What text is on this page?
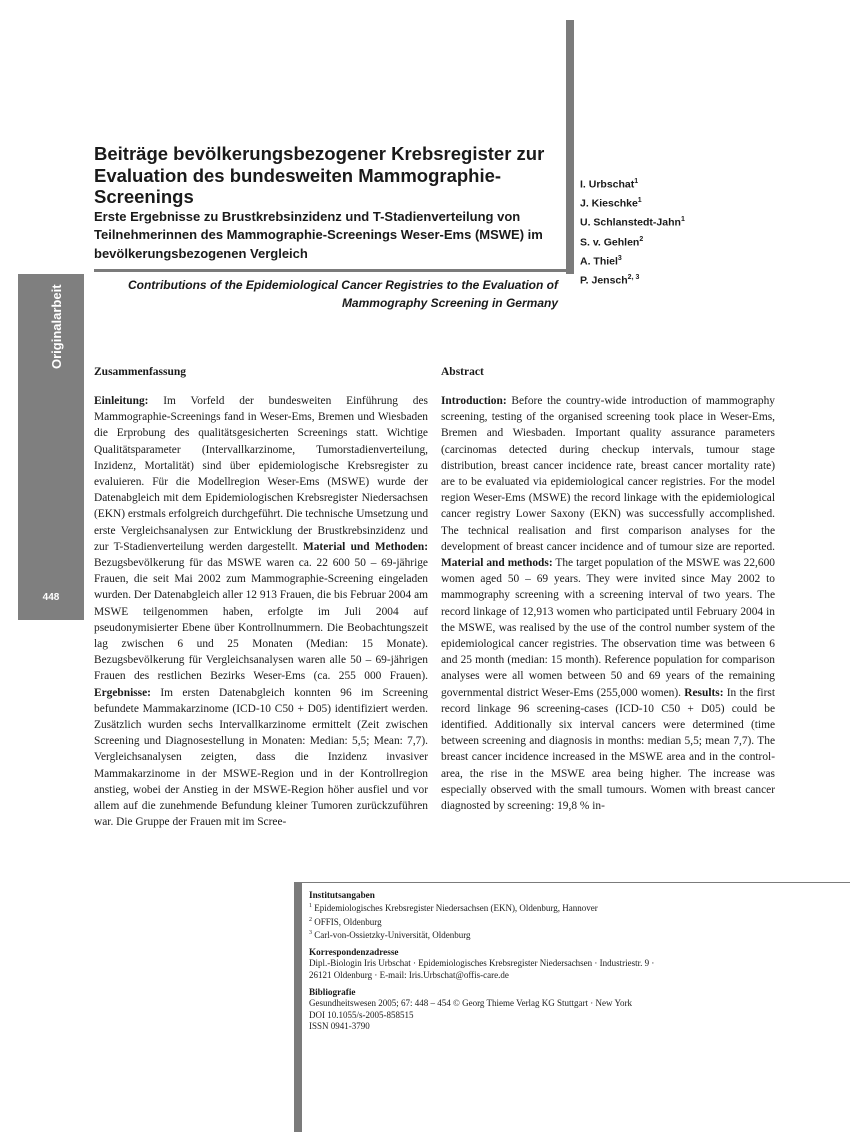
Originalarbeit
448
Beiträge bevölkerungsbezogener Krebsregister zur Evaluation des bundesweiten Mammographie-Screenings
Erste Ergebnisse zu Brustkrebsinzidenz und T-Stadienverteilung von Teilnehmerinnen des Mammographie-Screenings Weser-Ems (MSWE) im bevölkerungsbezogenen Vergleich
I. Urbschat$^1$
J. Kieschke$^1$
U. Schlanstedt-Jahn$^1$
S. v. Gehlen$^2$
A. Thiel$^3$
P. Jensch$^{2, 3}$
Contributions of the Epidemiological Cancer Registries to the Evaluation of Mammography Screening in Germany
Zusammenfassung

Einleitung: Im Vorfeld der bundesweiten Einführung des Mammographie-Screenings fand in Weser-Ems, Bremen und Wiesbaden die Erprobung des qualitätsgesicherten Screenings statt. Wichtige Qualitätsparameter (Intervallkarzinome, Tumorstadienverteilung, Inzidenz, Mortalität) sind über epidemiologische Krebsregister zu evaluieren. Für die Modellregion Weser-Ems (MSWE) wurde der Datenabgleich mit dem Epidemiologischen Krebsregister Niedersachsen (EKN) erstmals erfolgreich durchgeführt. Die technische Umsetzung und erste Vergleichsanalysen zur Entwicklung der Brustkrebsinzidenz und zur T-Stadienverteilung werden dargestellt. Material und Methoden: Bezugsbevölkerung für das MSWE waren ca. 22 600 50 – 69-jährige Frauen, die seit Mai 2002 zum Mammographie-Screening eingeladen wurden. Der Datenabgleich aller 12 913 Frauen, die bis Februar 2004 am MSWE teilgenommen haben, erfolgte im Juli 2004 auf pseudonymisierter Ebene über Kontrollnummern. Die Beobachtungszeit lag zwischen 6 und 25 Monaten (Median: 15 Monate). Bezugsbevölkerung für Vergleichsanalysen waren alle 50 – 69-jährigen Frauen des restlichen Bezirks Weser-Ems (ca. 255 000 Frauen). Ergebnisse: Im ersten Datenabgleich konnten 96 im Screening befundete Mammakarzinome (ICD-10 C50 + D05) identifiziert werden. Zusätzlich wurden sechs Intervallkarzinome ermittelt (Zeit zwischen Screening und Diagnosestellung in Monaten: Median: 5,5; Mean: 7,7). Vergleichsanalysen zeigten, dass die Inzidenz invasiver Mammakarzinome in der MSWE-Region und in der Kontrollregion anstieg, wobei der Anstieg in der MSWE-Region höher ausfiel und vor allem auf die zunehmende Befundung kleiner Tumoren zurückzuführen war. Die Gruppe der Frauen mit im Scree-

Abstract

Introduction: Before the country-wide introduction of mammography screening, testing of the organised screening took place in Weser-Ems, Bremen and Wiesbaden. Important quality assurance parameters (carcinomas detected during checkup intervals, tumour stage distribution, breast cancer incidence rate, breast cancer mortality rate) are to be evaluated via epidemiological cancer registries. For the model region Weser-Ems (MSWE) the record linkage with the epidemiological cancer registry Lower Saxony (EKN) was successfully accomplished. The technical realisation and first comparison analyses for the development of breast cancer incidence and of tumour size are reported. Material and methods: The target population of the MSWE was 22,600 women aged 50 – 69 years. They were invited since May 2002 to mammography screening with a screening interval of two years. The record linkage of 12,913 women who participated until February 2004 in the MSWE, was realised by the use of the control number system of the epidemiological cancer registries. The observation time was between 6 and 25 month (median: 15 month). Reference population for comparison analyses were all women between 50 and 69 years of the remaining governmental district Weser-Ems (255,000 women). Results: In the first record linkage 96 screening-cases (ICD-10 C50 + D05) could be identified. Additionally six interval cancers were determined (time between screening and diagnosis in months: median 5,5; mean 7,7). The breast cancer incidence increased in the MSWE area and in the control-area, the rise in the MSWE area being higher. The increase was especially observed with the small tumours. Women with breast cancer diagnosted by screening: 19,8 % in-

Institutsangaben
$^1$ Epidemiologisches Krebsregister Niedersachsen (EKN), Oldenburg, Hannover
$^2$ OFFIS, Oldenburg
$^3$ Carl-von-Ossietzky-Universität, Oldenburg
Korrespondenzadresse
Dipl.-Biologin Iris Urbschat · Epidemiologisches Krebsregister Niedersachsen · Industriestr. 9 ·
26121 Oldenburg · E-mail: Iris.Urbschat@offis-care.de
Bibliografie
Gesundheitswesen 2005; 67: 448 – 454 © Georg Thieme Verlag KG Stuttgart · New York
DOI 10.1055/s-2005-858515
ISSN 0941-3790
